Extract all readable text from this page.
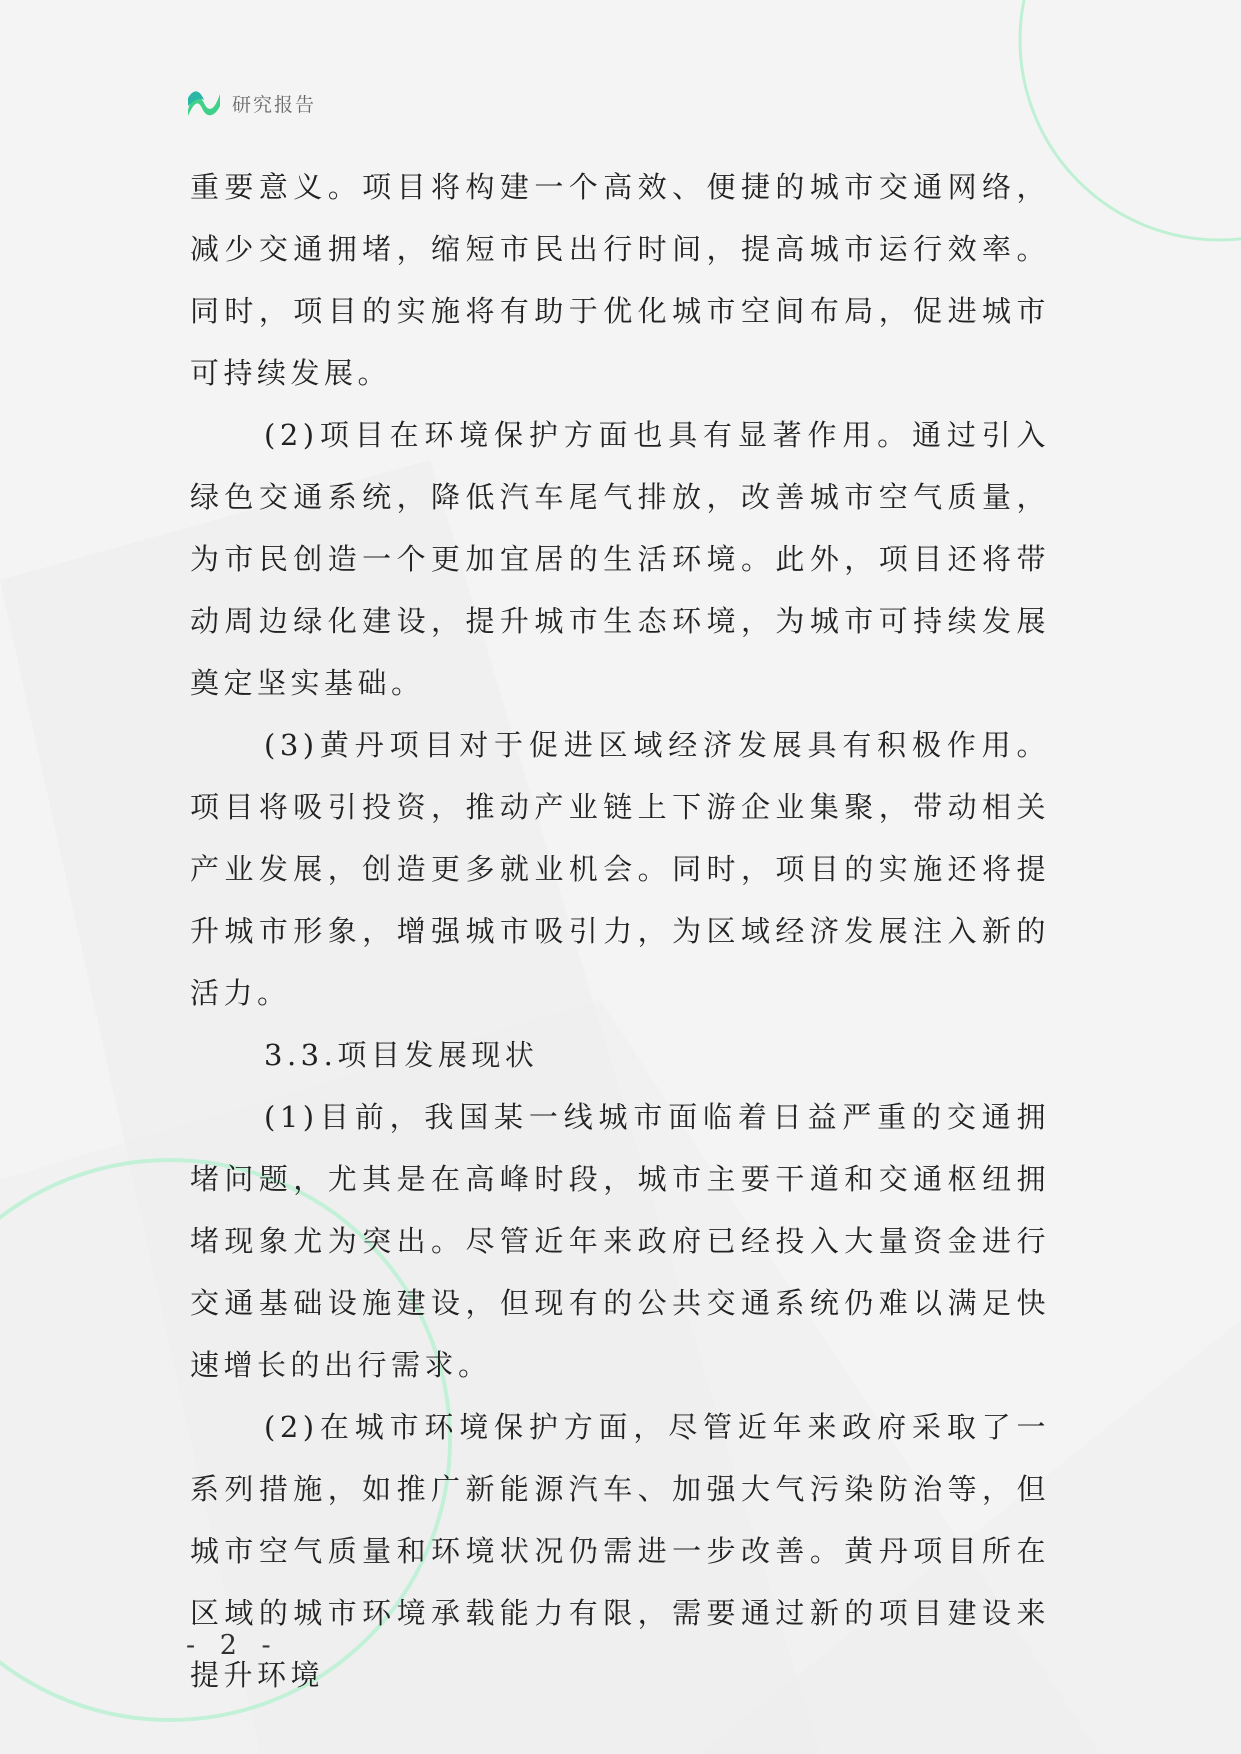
研究报告

重要意义。项目将构建一个高效、便捷的城市交通网络，减少交通拥堵，缩短市民出行时间，提高城市运行效率。同时，项目的实施将有助于优化城市空间布局，促进城市可持续发展。

(2)项目在环境保护方面也具有显著作用。通过引入绿色交通系统，降低汽车尾气排放，改善城市空气质量，为市民创造一个更加宜居的生活环境。此外，项目还将带动周边绿化建设，提升城市生态环境，为城市可持续发展奠定坚实基础。

(3)黄丹项目对于促进区域经济发展具有积极作用。项目将吸引投资，推动产业链上下游企业集聚，带动相关产业发展，创造更多就业机会。同时，项目的实施还将提升城市形象，增强城市吸引力，为区域经济发展注入新的活力。

3.3.项目发展现状

(1)目前，我国某一线城市面临着日益严重的交通拥堵问题，尤其是在高峰时段，城市主要干道和交通枢纽拥堵现象尤为突出。尽管近年来政府已经投入大量资金进行交通基础设施建设，但现有的公共交通系统仍难以满足快速增长的出行需求。

(2)在城市环境保护方面，尽管近年来政府采取了一系列措施，如推广新能源汽车、加强大气污染防治等，但城市空气质量和环境状况仍需进一步改善。黄丹项目所在区域的城市环境承载能力有限，需要通过新的项目建设来提升环境

- 2 -
